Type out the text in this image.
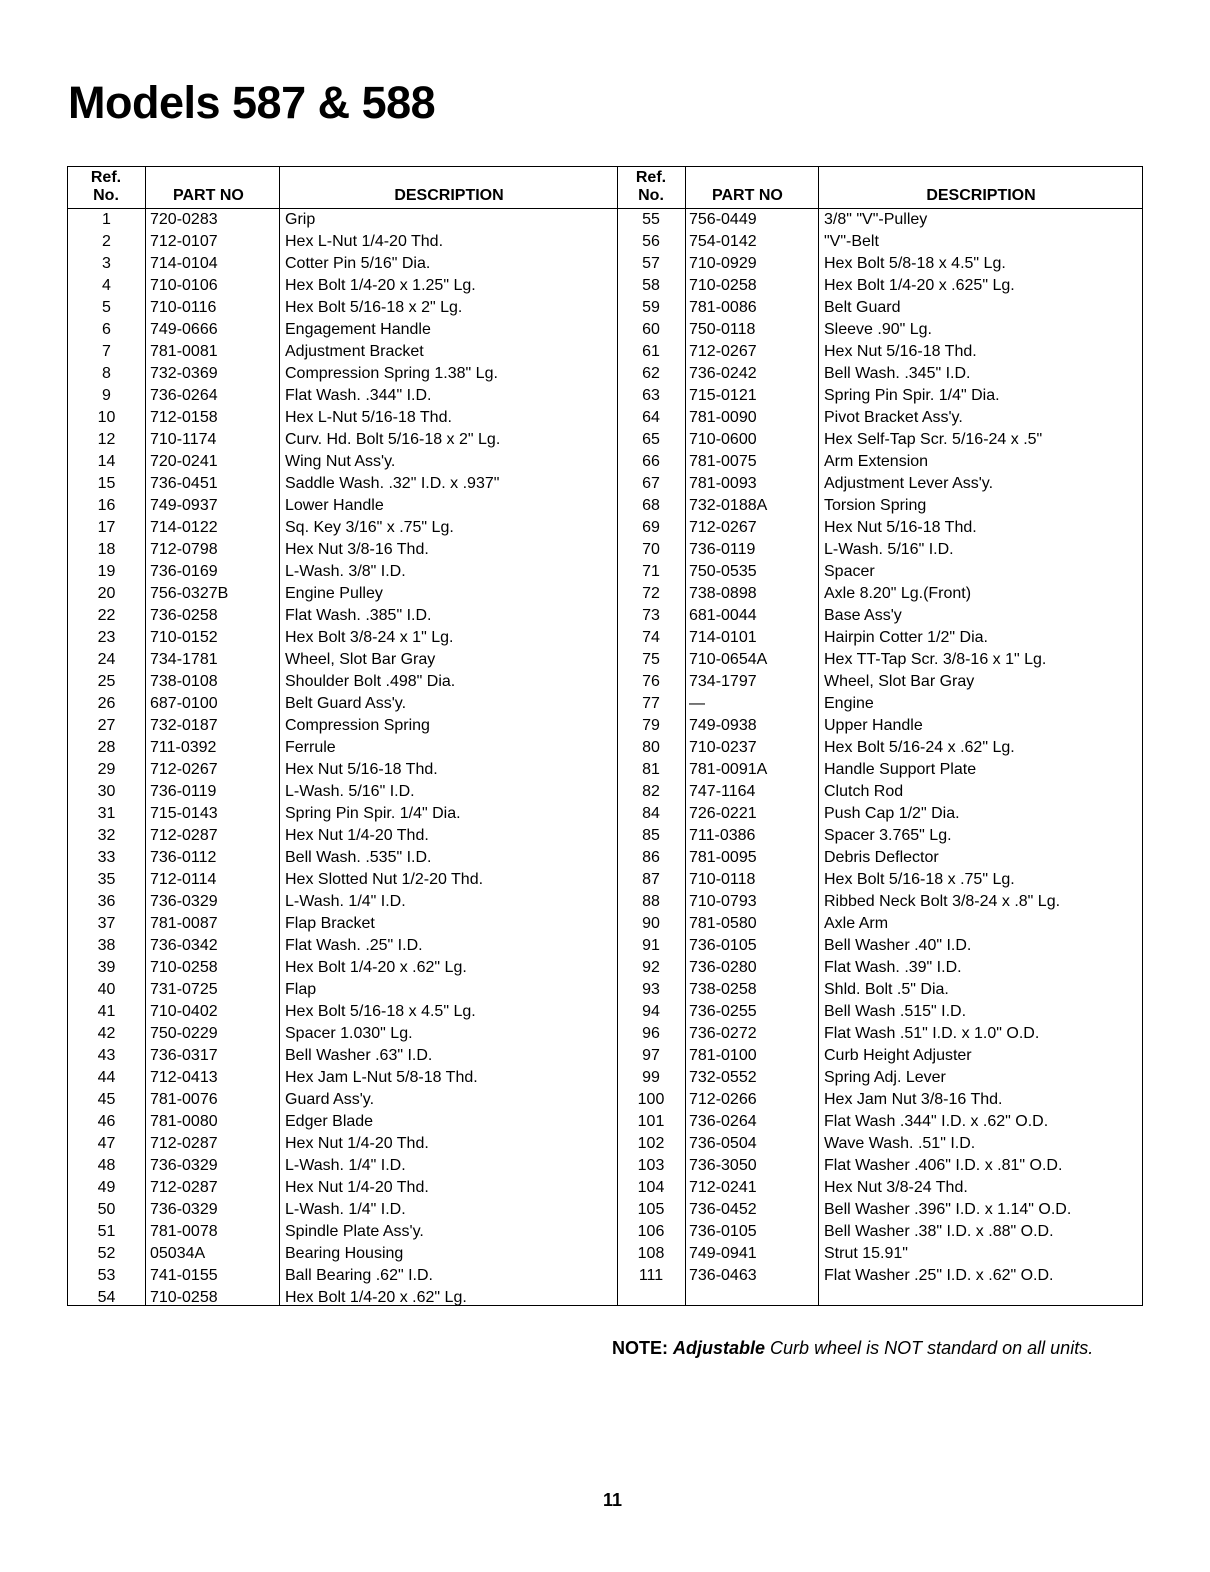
Models 587 & 588
Ref.
No.	PART NO	DESCRIPTION
1	720-0283	Grip
2	712-0107	Hex L-Nut 1/4-20 Thd.
3	714-0104	Cotter Pin 5/16" Dia.
4	710-0106	Hex Bolt 1/4-20 x 1.25" Lg.
5	710-0116	Hex Bolt 5/16-18 x 2" Lg.
6	749-0666	Engagement Handle
7	781-0081	Adjustment Bracket
8	732-0369	Compression Spring 1.38" Lg.
9	736-0264	Flat Wash. .344" I.D.
10	712-0158	Hex L-Nut 5/16-18 Thd.
12	710-1174	Curv. Hd. Bolt 5/16-18 x 2" Lg.
14	720-0241	Wing Nut Ass'y.
15	736-0451	Saddle Wash. .32" I.D. x .937"
16	749-0937	Lower Handle
17	714-0122	Sq. Key 3/16" x .75" Lg.
18	712-0798	Hex Nut 3/8-16 Thd.
19	736-0169	L-Wash. 3/8" I.D.
20	756-0327B	Engine Pulley
22	736-0258	Flat Wash. .385" I.D.
23	710-0152	Hex Bolt 3/8-24 x 1" Lg.
24	734-1781	Wheel, Slot Bar Gray
25	738-0108	Shoulder Bolt .498" Dia.
26	687-0100	Belt Guard Ass'y.
27	732-0187	Compression Spring
28	711-0392	Ferrule
29	712-0267	Hex Nut 5/16-18 Thd.
30	736-0119	L-Wash. 5/16" I.D.
31	715-0143	Spring Pin Spir. 1/4" Dia.
32	712-0287	Hex Nut 1/4-20 Thd.
33	736-0112	Bell Wash. .535" I.D.
35	712-0114	Hex Slotted Nut 1/2-20 Thd.
36	736-0329	L-Wash. 1/4" I.D.
37	781-0087	Flap Bracket
38	736-0342	Flat Wash. .25" I.D.
39	710-0258	Hex Bolt 1/4-20 x .62" Lg.
40	731-0725	Flap
41	710-0402	Hex Bolt 5/16-18 x 4.5" Lg.
42	750-0229	Spacer 1.030" Lg.
43	736-0317	Bell Washer .63" I.D.
44	712-0413	Hex Jam L-Nut 5/8-18 Thd.
45	781-0076	Guard Ass'y.
46	781-0080	Edger Blade
47	712-0287	Hex Nut 1/4-20 Thd.
48	736-0329	L-Wash. 1/4" I.D.
49	712-0287	Hex Nut 1/4-20 Thd.
50	736-0329	L-Wash. 1/4" I.D.
51	781-0078	Spindle Plate Ass'y.
52	05034A	Bearing Housing
53	741-0155	Ball Bearing .62" I.D.
54	710-0258	Hex Bolt 1/4-20 x .62" Lg.
Ref.
No.	PART NO	DESCRIPTION
55	756-0449	3/8" "V"-Pulley
56	754-0142	"V"-Belt
57	710-0929	Hex Bolt 5/8-18 x 4.5" Lg.
58	710-0258	Hex Bolt 1/4-20 x .625" Lg.
59	781-0086	Belt Guard
60	750-0118	Sleeve .90" Lg.
61	712-0267	Hex Nut 5/16-18 Thd.
62	736-0242	Bell Wash. .345" I.D.
63	715-0121	Spring Pin Spir. 1/4" Dia.
64	781-0090	Pivot Bracket Ass'y.
65	710-0600	Hex Self-Tap Scr. 5/16-24 x .5"
66	781-0075	Arm Extension
67	781-0093	Adjustment Lever Ass'y.
68	732-0188A	Torsion Spring
69	712-0267	Hex Nut 5/16-18 Thd.
70	736-0119	L-Wash. 5/16" I.D.
71	750-0535	Spacer
72	738-0898	Axle 8.20" Lg.(Front)
73	681-0044	Base Ass'y
74	714-0101	Hairpin Cotter 1/2" Dia.
75	710-0654A	Hex TT-Tap Scr. 3/8-16 x 1" Lg.
76	734-1797	Wheel, Slot Bar Gray
77	—	Engine
79	749-0938	Upper Handle
80	710-0237	Hex Bolt 5/16-24 x .62" Lg.
81	781-0091A	Handle Support Plate
82	747-1164	Clutch Rod
84	726-0221	Push Cap 1/2" Dia.
85	711-0386	Spacer 3.765" Lg.
86	781-0095	Debris Deflector
87	710-0118	Hex Bolt 5/16-18 x .75" Lg.
88	710-0793	Ribbed Neck Bolt 3/8-24 x .8" Lg.
90	781-0580	Axle Arm
91	736-0105	Bell Washer .40" I.D.
92	736-0280	Flat Wash. .39" I.D.
93	738-0258	Shld. Bolt .5" Dia.
94	736-0255	Bell Wash .515" I.D.
96	736-0272	Flat Wash .51" I.D. x 1.0" O.D.
97	781-0100	Curb Height Adjuster
99	732-0552	Spring Adj. Lever
100	712-0266	Hex Jam Nut 3/8-16 Thd.
101	736-0264	Flat Wash .344" I.D. x .62" O.D.
102	736-0504	Wave Wash. .51" I.D.
103	736-3050	Flat Washer .406" I.D. x .81" O.D.
104	712-0241	Hex Nut 3/8-24 Thd.
105	736-0452	Bell Washer .396" I.D. x 1.14" O.D.
106	736-0105	Bell Washer .38" I.D. x .88" O.D.
108	749-0941	Strut 15.91"
111	736-0463	Flat Washer .25" I.D. x .62" O.D.
NOTE: Adjustable Curb wheel is NOT standard on all units.
11
